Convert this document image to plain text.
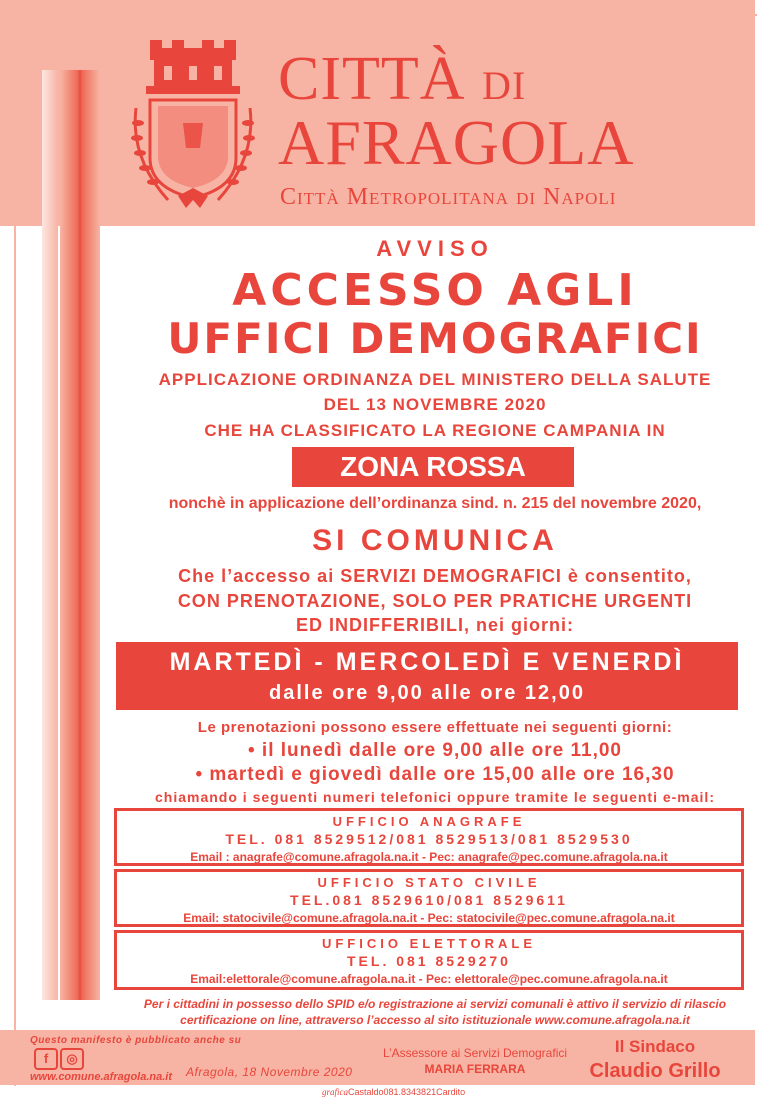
CITTÀ DI
AFRAGOLA
Città Metropolitana di Napoli
AVVISO
ACCESSO AGLI
UFFICI DEMOGRAFICI
APPLICAZIONE ORDINANZA DEL MINISTERO DELLA SALUTE
DEL 13 NOVEMBRE 2020
CHE HA CLASSIFICATO LA REGIONE CAMPANIA IN
ZONA ROSSA
nonchè in applicazione dell’ordinanza sind. n. 215 del novembre 2020,
SI COMUNICA
Che l’accesso ai SERVIZI DEMOGRAFICI è consentito,
CON PRENOTAZIONE, SOLO PER PRATICHE URGENTI
ED INDIFFERIBILI, nei giorni:
MARTEDÌ - MERCOLEDÌ E VENERDÌ
dalle ore 9,00 alle ore 12,00
Le prenotazioni possono essere effettuate nei seguenti giorni:
• il lunedì dalle ore 9,00 alle ore 11,00
• martedì e giovedì dalle ore 15,00 alle ore 16,30
chiamando i seguenti numeri telefonici oppure tramite le seguenti e-mail:
UFFICIO ANAGRAFE
TEL. 081 8529512/081 8529513/081 8529530
Email : anagrafe@comune.afragola.na.it - Pec: anagrafe@pec.comune.afragola.na.it
UFFICIO STATO CIVILE
TEL.081 8529610/081 8529611
Email: statocivile@comune.afragola.na.it - Pec: statocivile@pec.comune.afragola.na.it
UFFICIO ELETTORALE
TEL. 081 8529270
Email:elettorale@comune.afragola.na.it - Pec: elettorale@pec.comune.afragola.na.it
Per i cittadini in possesso dello SPID e/o registrazione ai servizi comunali è attivo il servizio di rilascio
certificazione on line, attraverso l’accesso al sito istituzionale www.comune.afragola.na.it
Questo manifesto è pubblicato anche su
f ◎
www.comune.afragola.na.it Afragola, 18 Novembre 2020
L’Assessore ai Servizi Demografici
MARIA FERRARA
Il Sindaco
Claudio Grillo
graficaCastaldo081.8343821Cardito
